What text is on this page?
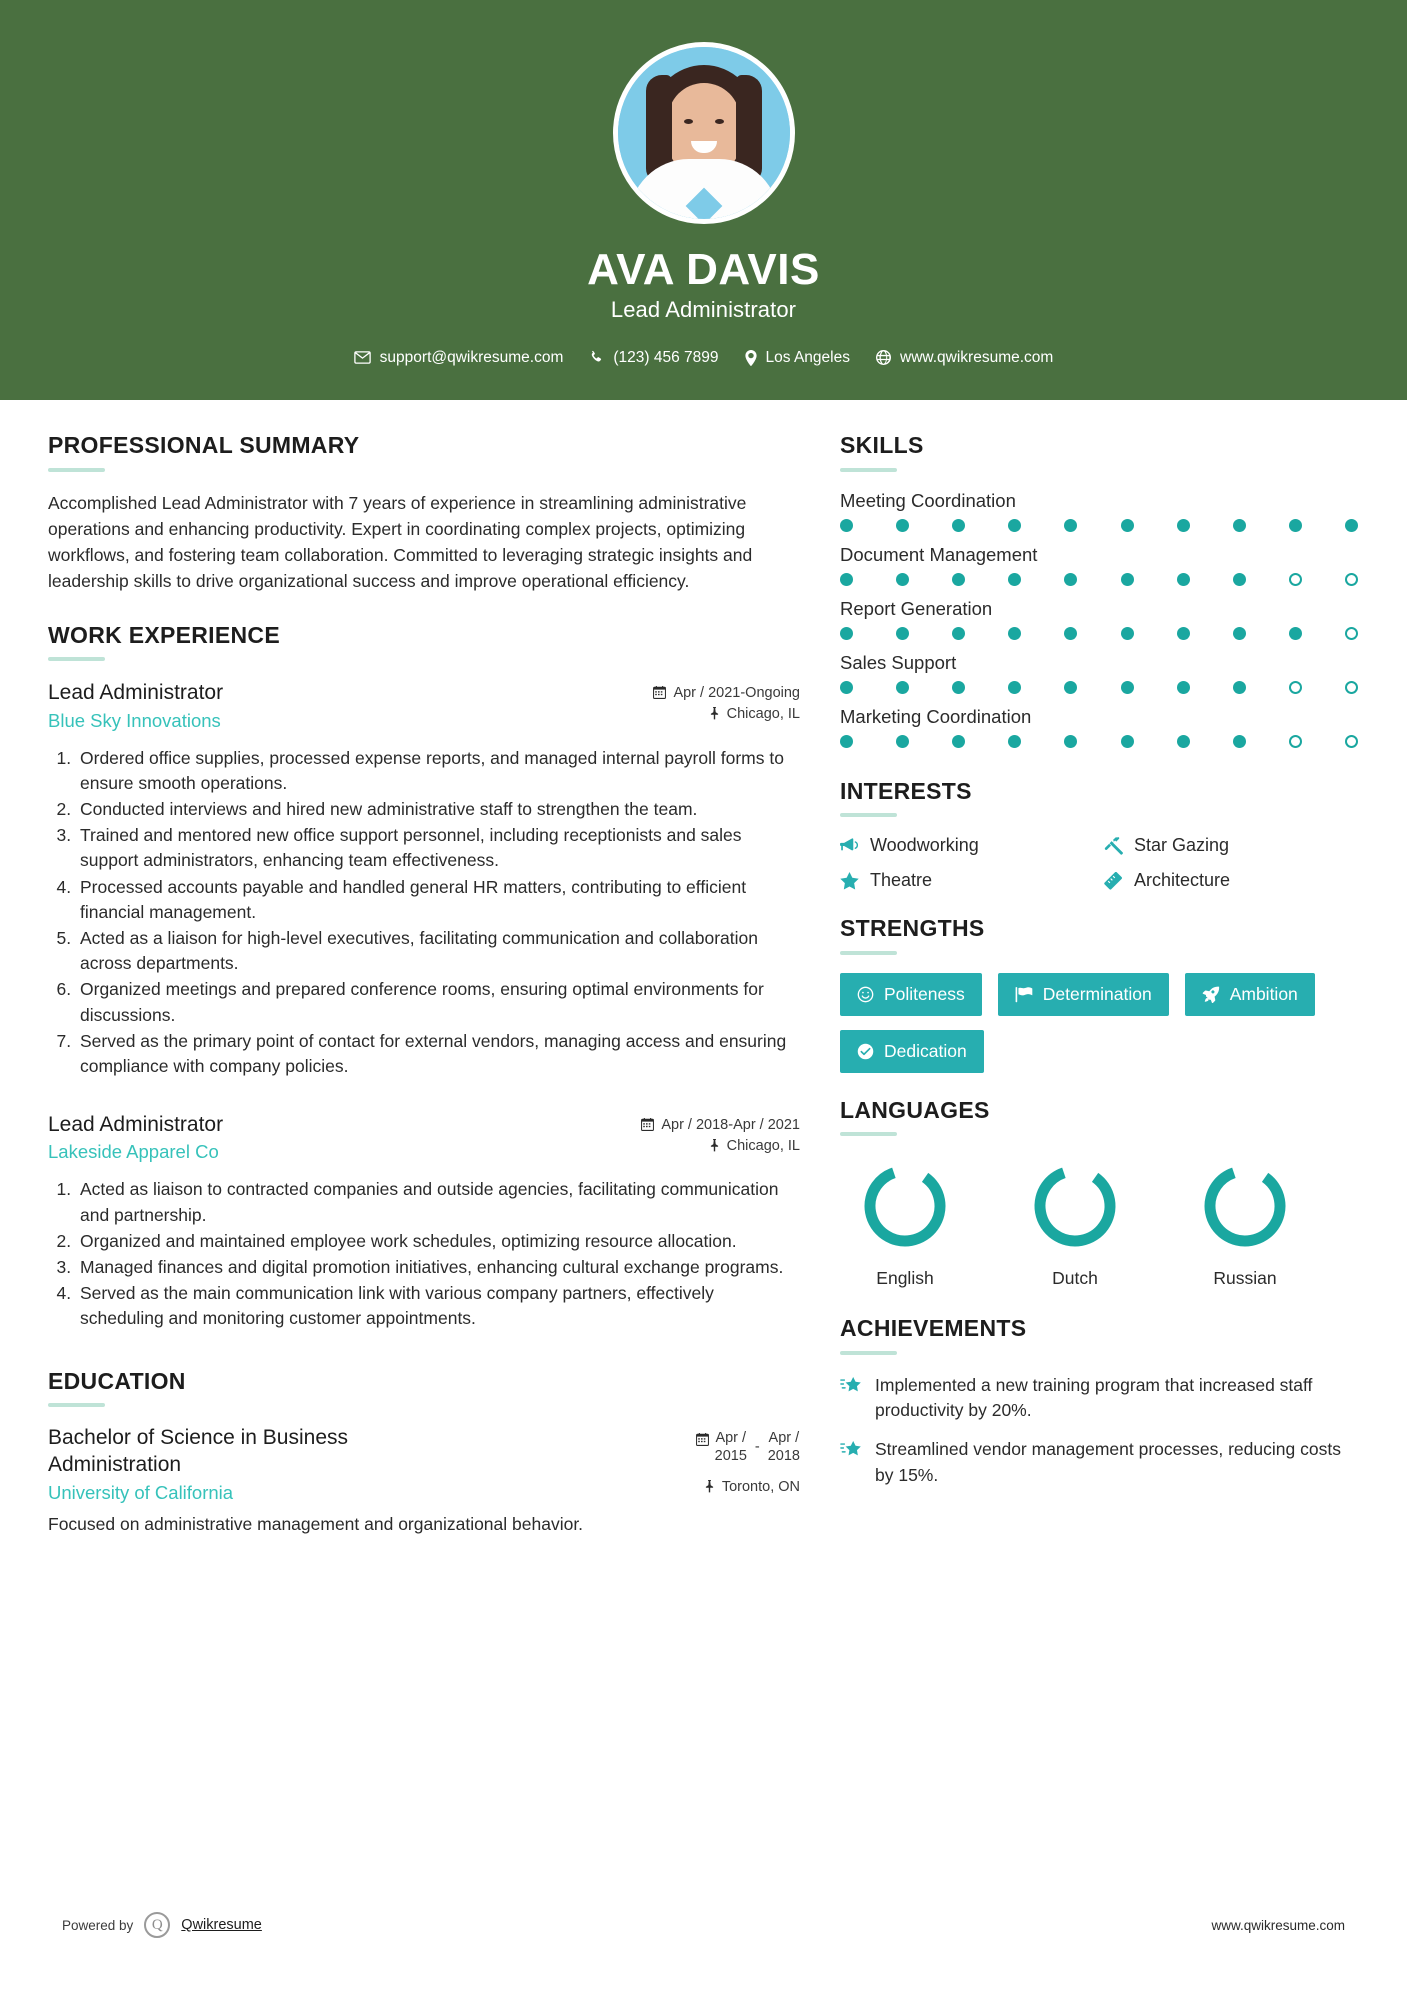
AVA DAVIS
Lead Administrator
support@qwikresume.com	(123) 456 7899	Los Angeles	www.qwikresume.com
PROFESSIONAL SUMMARY
Accomplished Lead Administrator with 7 years of experience in streamlining administrative operations and enhancing productivity. Expert in coordinating complex projects, optimizing workflows, and fostering team collaboration. Committed to leveraging strategic insights and leadership skills to drive organizational success and improve operational efficiency.
WORK EXPERIENCE
Lead Administrator
Blue Sky Innovations
Apr / 2021-Ongoing
Chicago, IL
1. Ordered office supplies, processed expense reports, and managed internal payroll forms to ensure smooth operations.
2. Conducted interviews and hired new administrative staff to strengthen the team.
3. Trained and mentored new office support personnel, including receptionists and sales support administrators, enhancing team effectiveness.
4. Processed accounts payable and handled general HR matters, contributing to efficient financial management.
5. Acted as a liaison for high-level executives, facilitating communication and collaboration across departments.
6. Organized meetings and prepared conference rooms, ensuring optimal environments for discussions.
7. Served as the primary point of contact for external vendors, managing access and ensuring compliance with company policies.
Lead Administrator
Lakeside Apparel Co
Apr / 2018-Apr / 2021
Chicago, IL
1. Acted as liaison to contracted companies and outside agencies, facilitating communication and partnership.
2. Organized and maintained employee work schedules, optimizing resource allocation.
3. Managed finances and digital promotion initiatives, enhancing cultural exchange programs.
4. Served as the main communication link with various company partners, effectively scheduling and monitoring customer appointments.
EDUCATION
Bachelor of Science in Business Administration
University of California
Apr /
2015
-
Apr /
2018
Toronto, ON
Focused on administrative management and organizational behavior.
SKILLS
Meeting Coordination
Document Management
Report Generation
Sales Support
Marketing Coordination
INTERESTS
Woodworking	Star Gazing
Theatre	Architecture
STRENGTHS
Politeness	Determination	Ambition
Dedication
LANGUAGES
English	Dutch	Russian
ACHIEVEMENTS
Implemented a new training program that increased staff productivity by 20%.
Streamlined vendor management processes, reducing costs by 15%.
Powered by	Q	Qwikresume	www.qwikresume.com
